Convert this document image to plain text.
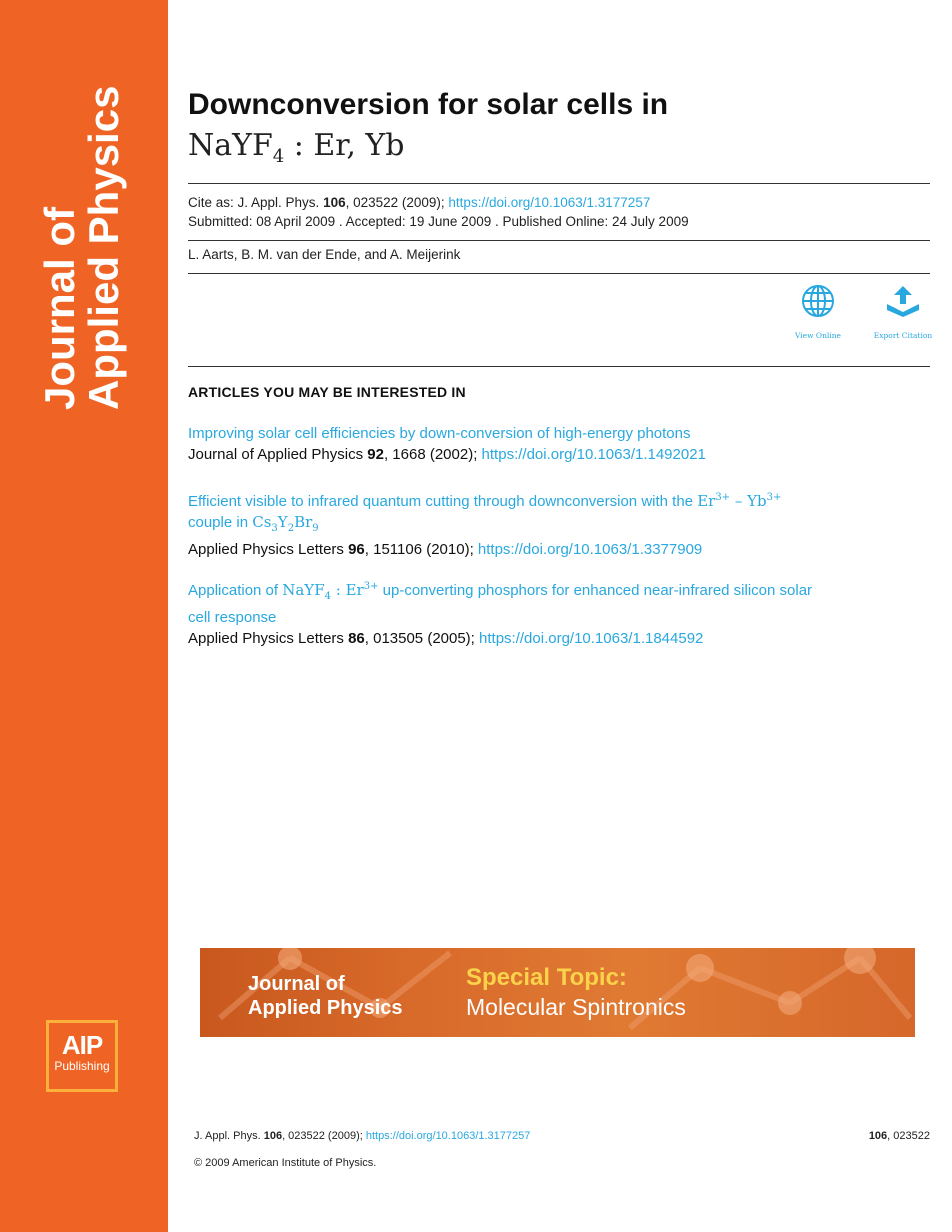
Journal of
Applied Physics
AIP
Publishing
Downconversion for solar cells in
NaYF$_4$ : Er, Yb
Cite as: J. Appl. Phys. 106, 023522 (2009); https://doi.org/10.1063/1.3177257
Submitted: 08 April 2009 . Accepted: 19 June 2009 . Published Online: 24 July 2009
L. Aarts, B. M. van der Ende, and A. Meijerink
View Online	Export Citation
ARTICLES YOU MAY BE INTERESTED IN
Improving solar cell efficiencies by down-conversion of high-energy photons
Journal of Applied Physics 92, 1668 (2002); https://doi.org/10.1063/1.1492021
Efficient visible to infrared quantum cutting through downconversion with the $Er^{3+} - Yb^{3+}$
couple in $Cs_3Y_2Br_9$
Applied Physics Letters 96, 151106 (2010); https://doi.org/10.1063/1.3377909
Application of NaYF$_4$ : $Er^{3+}$ up-converting phosphors for enhanced near-infrared silicon solar
cell response
Applied Physics Letters 86, 013505 (2005); https://doi.org/10.1063/1.1844592
Journal of
Applied Physics
Special Topic:
Molecular Spintronics
J. Appl. Phys. 106, 023522 (2009); https://doi.org/10.1063/1.3177257	106, 023522
© 2009 American Institute of Physics.
